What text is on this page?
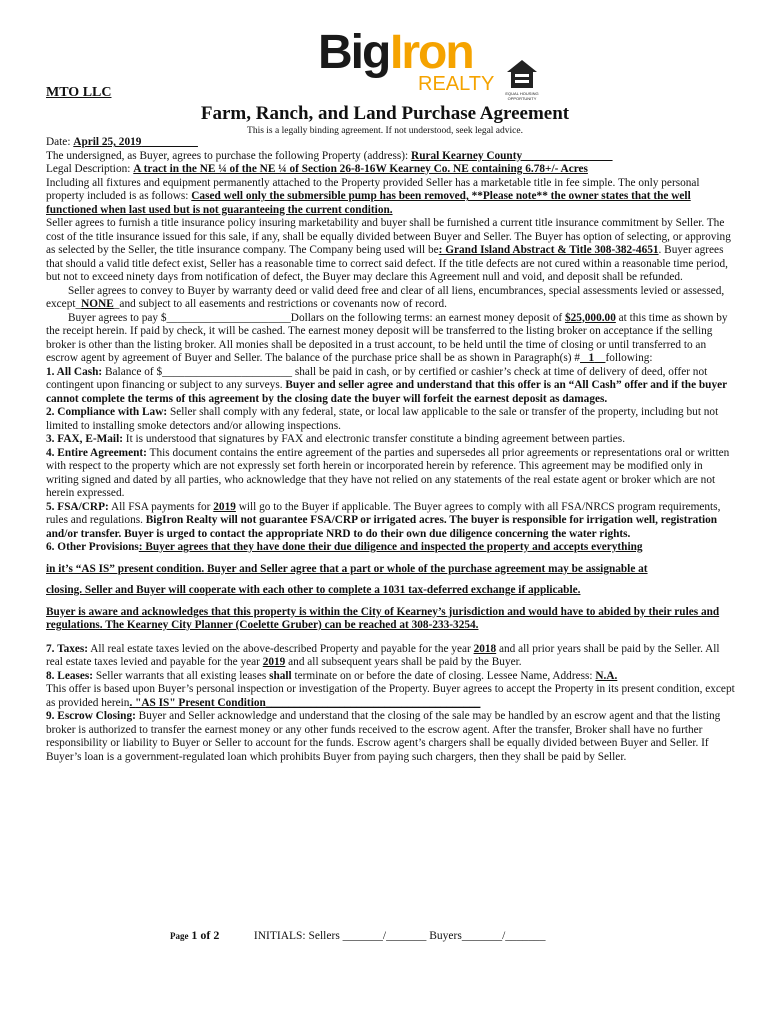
Big Iron
REALTY	EQUAL HOUSING
OPPORTUNITY
MTO LLC
Farm, Ranch, and Land Purchase Agreement
This is a legally binding agreement. If not understood, seek legal advice.

Date: April 25, 2019__________

The undersigned, as Buyer, agrees to purchase the following Property (address): Rural Kearney County________________

Legal Description: A tract in the NE ¼ of the NE ¼ of Section 26-8-16W Kearney Co. NE containing 6.78+/- Acres

Including all fixtures and equipment permanently attached to the Property provided Seller has a marketable title in fee simple. The only personal property included is as follows: Cased well only the submersible pump has been removed, **Please note** the owner states that the well functioned when last used but is not guaranteeing the current condition.

Seller agrees to furnish a title insurance policy insuring marketability and buyer shall be furnished a current title insurance commitment by Seller. The cost of the title insurance issued for this sale, if any, shall be equally divided between Buyer and Seller. The Buyer has option of selecting, or approving as selected by the Seller, the title insurance company. The Company being used will be: Grand Island Abstract & Title 308-382-4651. Buyer agrees that should a valid title defect exist, Seller has a reasonable time to correct said defect. If the title defects are not cured within a reasonable time period, but not to exceed ninety days from notification of defect, the Buyer may declare this Agreement null and void, and deposit shall be refunded.

Seller agrees to convey to Buyer by warranty deed or valid deed free and clear of all liens, encumbrances, special assessments levied or assessed, except_NONE_and subject to all easements and restrictions or covenants now of record.

Buyer agrees to pay $______________________Dollars on the following terms: an earnest money deposit of $25,000.00 at this time as shown by the receipt herein. If paid by check, it will be cashed. The earnest money deposit will be transferred to the listing broker on acceptance if the selling broker is other than the listing broker. All monies shall be deposited in a trust account, to be held until the time of closing or until transferred to an escrow agent by agreement of Buyer and Seller. The balance of the purchase price shall be as shown in Paragraph(s) # 1    following:

1. All Cash: Balance of $_______________________ shall be paid in cash, or by certified or cashier’s check at time of delivery of deed, offer not contingent upon financing or subject to any surveys. Buyer and seller agree and understand that this offer is an “All Cash” offer and if the buyer cannot complete the terms of this agreement by the closing date the buyer will forfeit the earnest deposit as damages.

2. Compliance with Law: Seller shall comply with any federal, state, or local law applicable to the sale or transfer of the property, including but not limited to installing smoke detectors and/or allowing inspections.

3. FAX, E-Mail: It is understood that signatures by FAX and electronic transfer constitute a binding agreement between parties.

4. Entire Agreement: This document contains the entire agreement of the parties and supersedes all prior agreements or representations oral or written with respect to the property which are not expressly set forth herein or incorporated herein by reference. This agreement may be modified only in writing signed and dated by all parties, who acknowledge that they have not relied on any statements of the real estate agent or broker which are not herein expressed.

5. FSA/CRP: All FSA payments for 2019 will go to the Buyer if applicable. The Buyer agrees to comply with all FSA/NRCS program requirements, rules and regulations. BigIron Realty will not guarantee FSA/CRP or irrigated acres. The buyer is responsible for irrigation well, registration and/or transfer. Buyer is urged to contact the appropriate NRD to do their own due diligence concerning the water rights.

6. Other Provisions: Buyer agrees that they have done their due diligence and inspected the property and accepts everything

in it’s “AS IS” present condition. Buyer and Seller agree that a part or whole of the purchase agreement may be assignable at

closing. Seller and Buyer will cooperate with each other to complete a 1031 tax-deferred exchange if applicable.

Buyer is aware and acknowledges that this property is within the City of Kearney’s jurisdiction and would have to abided by their rules and regulations. The Kearney City Planner (Coelette Gruber) can be reached at 308-233-3254.

7. Taxes: All real estate taxes levied on the above-described Property and payable for the year 2018 and all prior years shall be paid by the Seller. All real estate taxes levied and payable for the year 2019 and all subsequent years shall be paid by the Buyer.

8. Leases: Seller warrants that all existing leases shall terminate on or before the date of closing. Lessee Name, Address: N.A.

This offer is based upon Buyer’s personal inspection or investigation of the Property. Buyer agrees to accept the Property in its present condition, except as provided herein. "AS IS" Present Condition______________________________________

9. Escrow Closing: Buyer and Seller acknowledge and understand that the closing of the sale may be handled by an escrow agent and that the listing broker is authorized to transfer the earnest money or any other funds received to the escrow agent. After the transfer, Broker shall have no further responsibility or liability to Buyer or Seller to account for the funds. Escrow agent’s chargers shall be equally divided between Buyer and Seller. If Buyer’s loan is a government-regulated loan which prohibits Buyer from paying such chargers, then they shall be paid by Seller.

Page 1 of 2	INITIALS: Sellers _______/_______ Buyers_______/_______
